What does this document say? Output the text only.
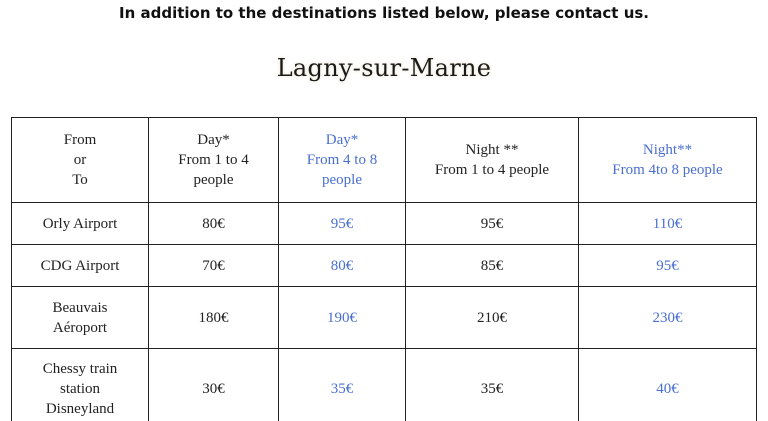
In addition to the destinations listed below, please contact us.
Lagny-sur-Marne
From
or
To	Day*
From 1 to 4
people	Day*
From 4 to 8
people	Night **
From 1 to 4 people	Night**
From 4to 8 people

Orly Airport	80€	95€	95€	110€

CDG Airport	70€	80€	85€	95€

Beauvais
Aéroport	180€	190€	210€	230€

Chessy train
station
Disneyland	30€	35€	35€	40€
